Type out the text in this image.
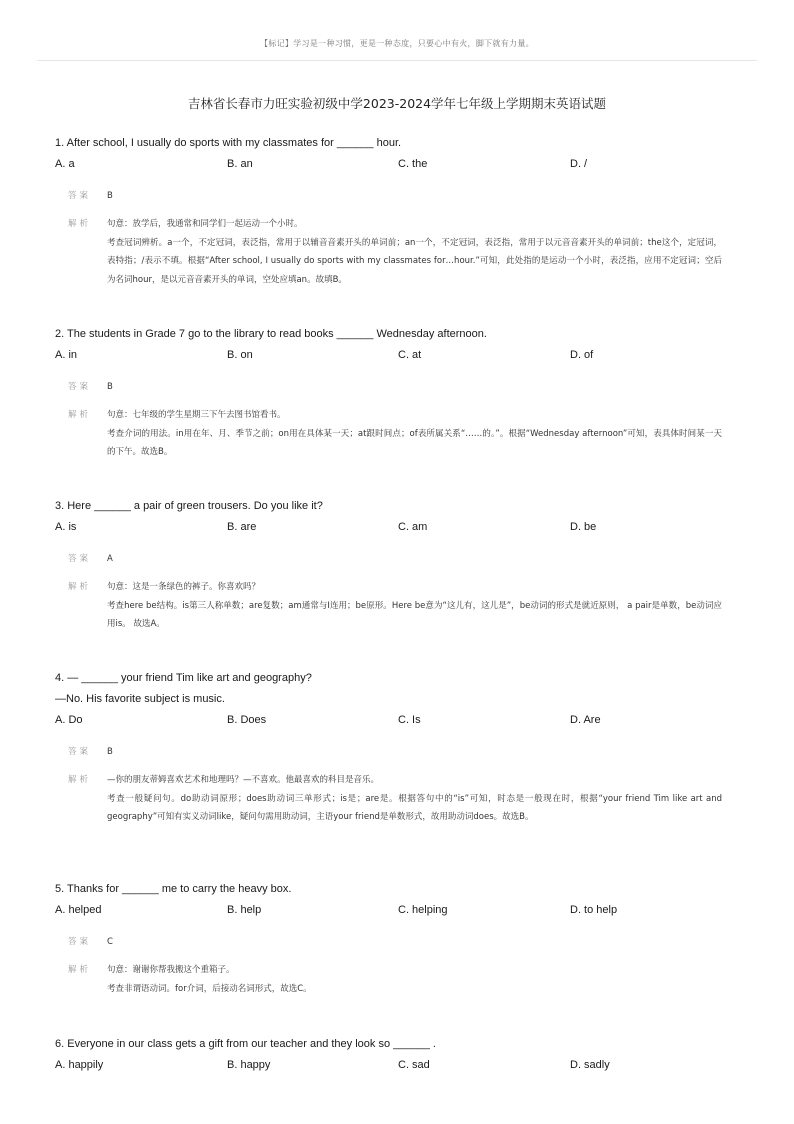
【标记】学习是一种习惯，更是一种态度，只要心中有火，脚下就有力量。
吉林省长春市力旺实验初级中学2023-2024学年七年级上学期期末英语试题
1. After school, I usually do sports with my classmates for ______ hour.
A. a	B. an	C. the	D. /
答案 B
解析 句意：放学后，我通常和同学们一起运动一个小时。

考查冠词辨析。a一个，不定冠词，表泛指，常用于以辅音音素开头的单词前；an一个，不定冠词，表泛指，常用于以元音音素开头的单词前；the这个，定冠词，表特指；/表示不填。根据“After school, I usually do sports with my classmates for…hour.”可知，此处指的是运动一个小时，表泛指，应用不定冠词；空后为名词hour，是以元音音素开头的单词，空处应填an。故填B。

2. The students in Grade 7 go to the library to read books ______ Wednesday afternoon.
A. in	B. on	C. at	D. of
答案 B
解析 句意：七年级的学生星期三下午去图书馆看书。

考查介词的用法。in用在年、月、季节之前；on用在具体某一天；at跟时间点；of表所属关系“……的。”。根据“Wednesday afternoon”可知，表具体时间某一天的下午。故选B。

3. Here ______ a pair of green trousers. Do you like it?
A. is	B. are	C. am	D. be
答案 A
解析 句意：这是一条绿色的裤子。你喜欢吗？

考查here be结构。is第三人称单数；are复数；am通常与I连用；be原形。Here be意为“这儿有，这儿是”，be动词的形式是就近原则， a pair是单数，be动词应用is。 故选A。

4. — ______ your friend Tim like art and geography?
—No. His favorite subject is music.
A. Do	B. Does	C. Is	D. Are
答案 B
解析 —你的朋友蒂姆喜欢艺术和地理吗？—不喜欢。他最喜欢的科目是音乐。

考查一般疑问句。do助动词原形；does助动词三单形式；is是；are是。根据答句中的“is”可知，时态是一般现在时，根据“your friend Tim like art and geography”可知有实义动词like，疑问句需用助动词，主语your friend是单数形式，故用助动词does。故选B。

5. Thanks for ______ me to carry the heavy box.
A. helped	B. help	C. helping	D. to help
答案 C
解析 句意：谢谢你帮我搬这个重箱子。

考查非谓语动词。for介词，后接动名词形式，故选C。

6. Everyone in our class gets a gift from our teacher and they look so ______ .
A. happily	B. happy	C. sad	D. sadly
